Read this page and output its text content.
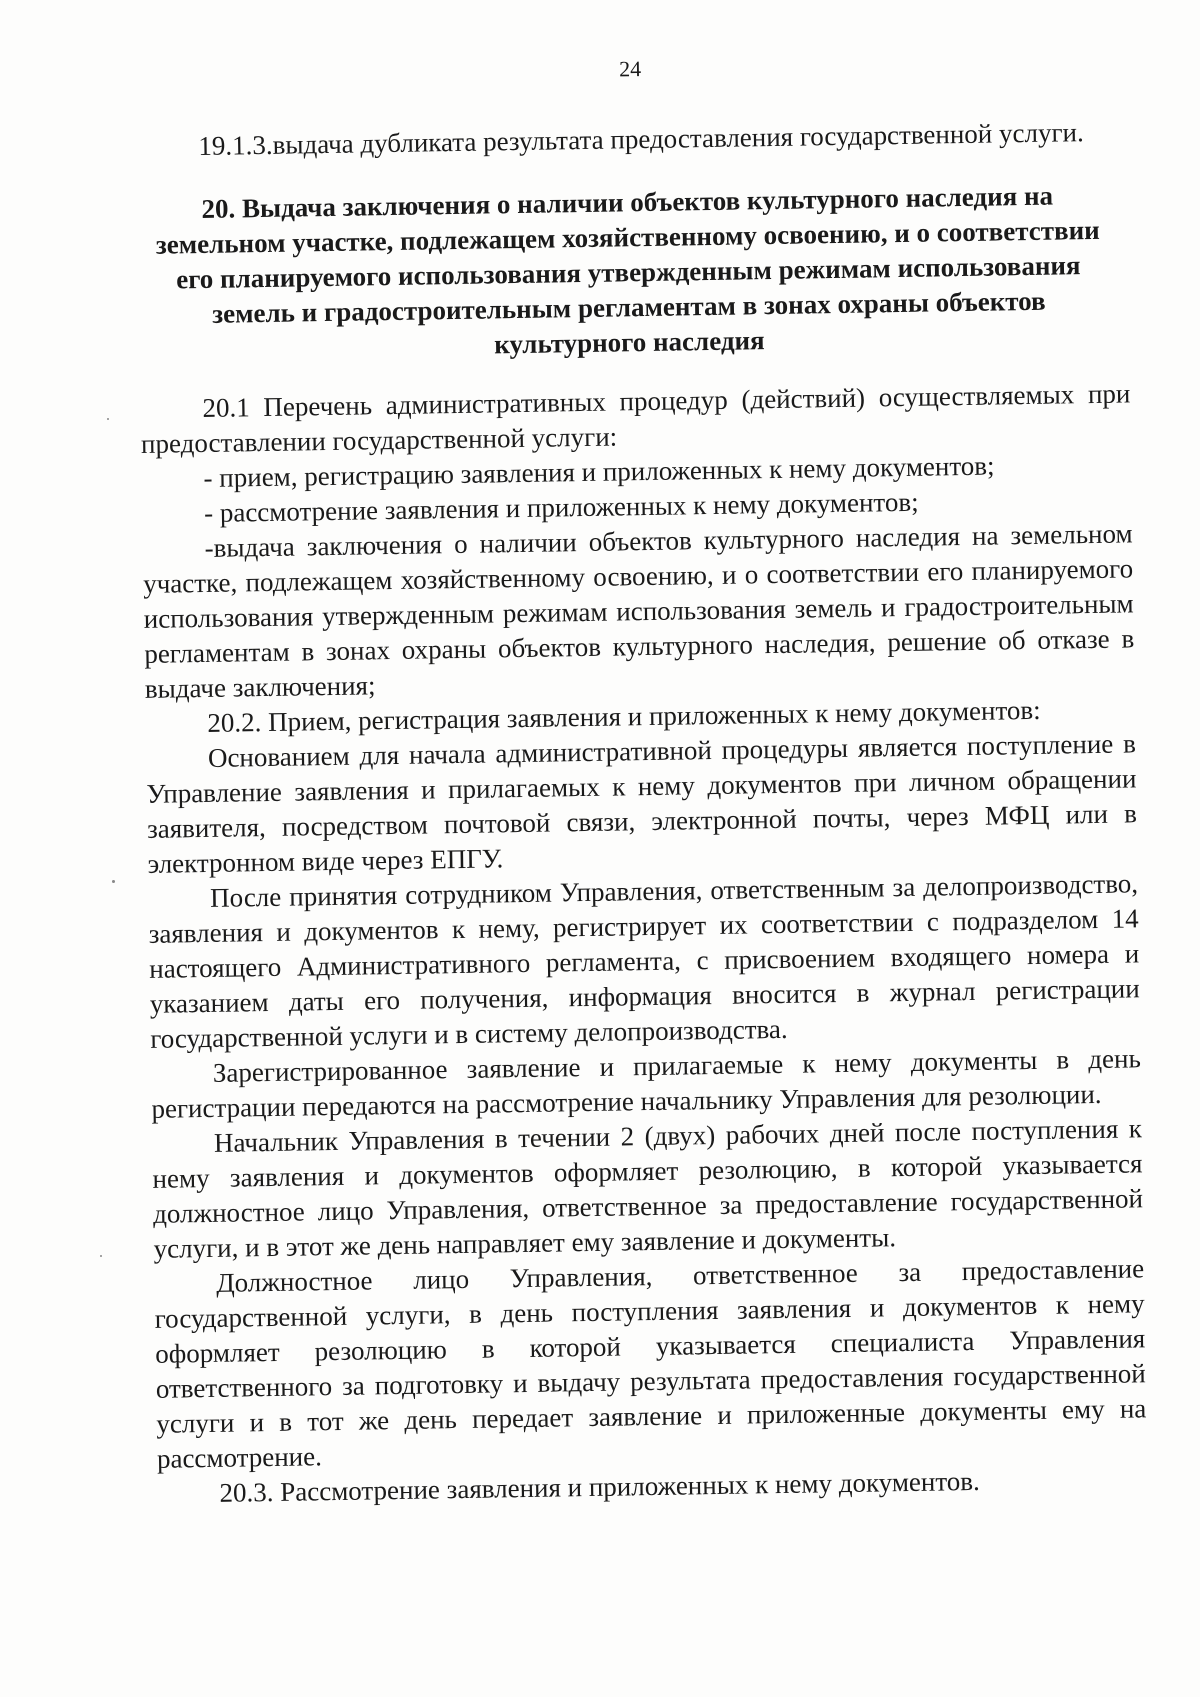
24

19.1.3.выдача дубликата результата предоставления государственной услуги.

20. Выдача заключения о наличии объектов культурного наследия на земельном участке, подлежащем хозяйственному освоению, и о соответствии его планируемого использования утвержденным режимам использования земель и градостроительным регламентам в зонах охраны объектов культурного наследия

20.1 Перечень административных процедур (действий) осуществляемых при предоставлении государственной услуги:

- прием, регистрацию заявления и приложенных к нему документов;

- рассмотрение заявления и приложенных к нему документов;

-выдача заключения о наличии объектов культурного наследия на земельном участке, подлежащем хозяйственному освоению, и о соответствии его планируемого использования утвержденным режимам использования земель и градостроительным регламентам в зонах охраны объектов культурного наследия, решение об отказе в выдаче заключения;

20.2. Прием, регистрация заявления и приложенных к нему документов:

Основанием для начала административной процедуры является поступление в Управление заявления и прилагаемых к нему документов при личном обращении заявителя, посредством почтовой связи, электронной почты, через МФЦ или в электронном виде через ЕПГУ.

После принятия сотрудником Управления, ответственным за делопроизводство, заявления и документов к нему, регистрирует их соответствии с подразделом 14 настоящего Административного регламента, с присвоением входящего номера и указанием даты его получения, информация вносится в журнал регистрации государственной услуги и в систему делопроизводства.

Зарегистрированное заявление и прилагаемые к нему документы в день регистрации передаются на рассмотрение начальнику Управления для резолюции.

Начальник Управления в течении 2 (двух) рабочих дней после поступления к нему заявления и документов оформляет резолюцию, в которой указывается должностное лицо Управления, ответственное за предоставление государственной услуги, и в этот же день направляет ему заявление и документы.

Должностное лицо Управления, ответственное за предоставление государственной услуги, в день поступления заявления и документов к нему оформляет резолюцию в которой указывается специалиста Управления ответственного за подготовку и выдачу результата предоставления государственной услуги и в тот же день передает заявление и приложенные документы ему на рассмотрение.

20.3. Рассмотрение заявления и приложенных к нему документов.
